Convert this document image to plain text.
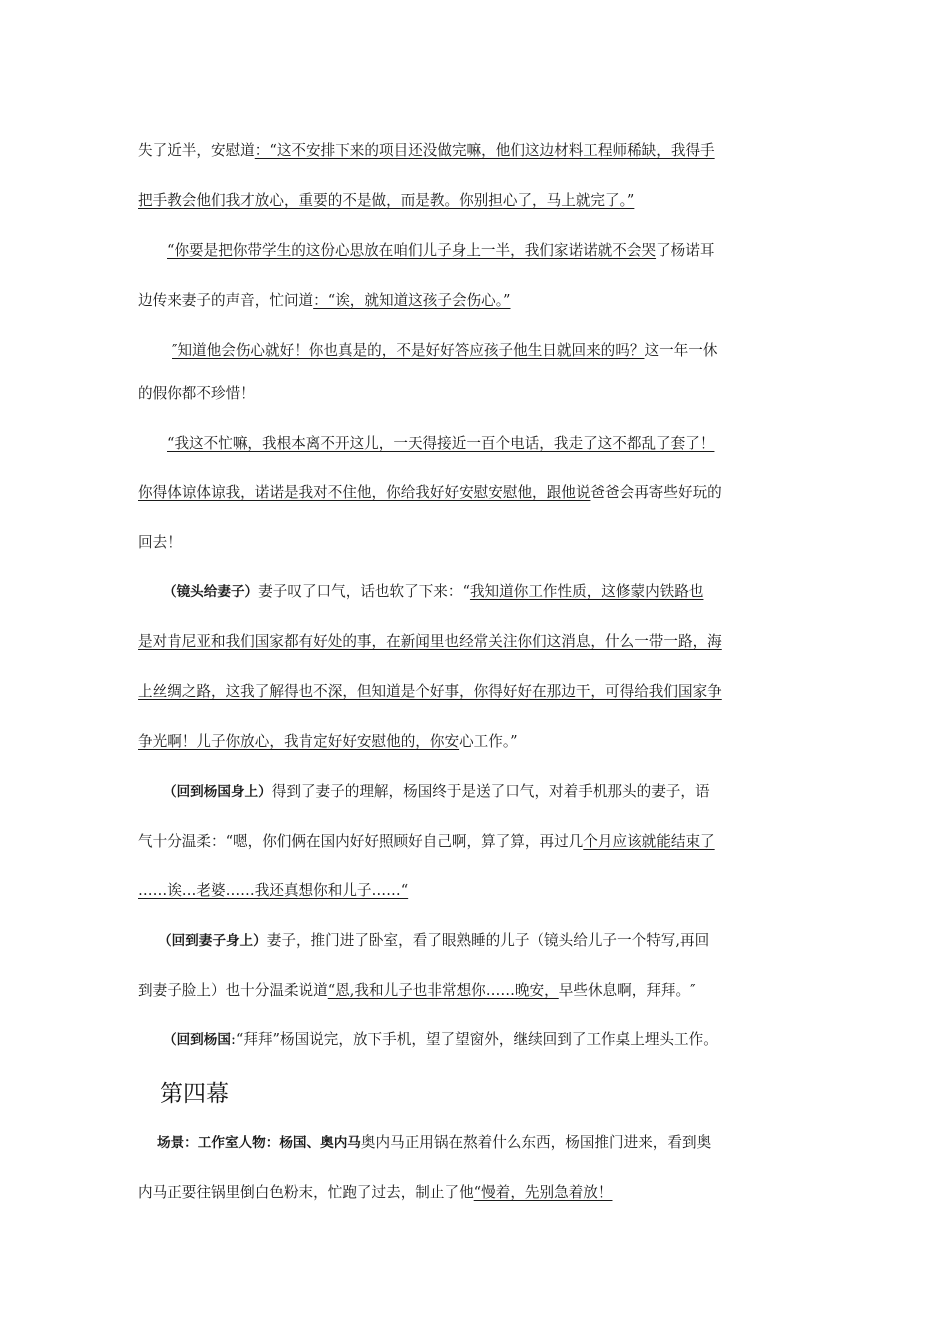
失了近半，安慰道：“这不安排下来的项目还没做完嘛，他们这边材料工程师稀缺，我得手
把手教会他们我才放心，重要的不是做，而是教。你别担心了，马上就完了。”
“你要是把你带学生的这份心思放在咱们儿子身上一半，我们家诺诺就不会哭了杨诺耳
边传来妻子的声音，忙问道：“诶，就知道这孩子会伤心。”
″知道他会伤心就好！你也真是的，不是好好答应孩子他生日就回来的吗？这一年一休
的假你都不珍惜！
“我这不忙嘛，我根本离不开这儿，一天得接近一百个电话，我走了这不都乱了套了！
你得体谅体谅我，诺诺是我对不住他，你给我好好安慰安慰他，跟他说爸爸会再寄些好玩的
回去！
（镜头给妻子）妻子叹了口气，话也软了下来：“我知道你工作性质，这修蒙内铁路也
是对肯尼亚和我们国家都有好处的事，在新闻里也经常关注你们这消息，什么一带一路，海
上丝绸之路，这我了解得也不深，但知道是个好事，你得好好在那边干，可得给我们国家争
争光啊！儿子你放心，我肯定好好安慰他的，你安心工作。”
（回到杨国身上）得到了妻子的理解，杨国终于是送了口气，对着手机那头的妻子，语
气十分温柔：“嗯，你们俩在国内好好照顾好自己啊，算了算，再过几个月应该就能结束了
……诶…老婆……我还真想你和儿子……“
（回到妻子身上）妻子，推门进了卧室，看了眼熟睡的儿子（镜头给儿子一个特写,再回
到妻子脸上）也十分温柔说道“恩,我和儿子也非常想你……晚安，早些休息啊，拜拜。″
（回到杨国:“拜拜”杨国说完，放下手机，望了望窗外，继续回到了工作桌上埋头工作。
第四幕
场景：工作室人物：杨国、奥内马奥内马正用锅在熬着什么东西，杨国推门进来，看到奥
内马正要往锅里倒白色粉末，忙跑了过去，制止了他“慢着，先别急着放！
